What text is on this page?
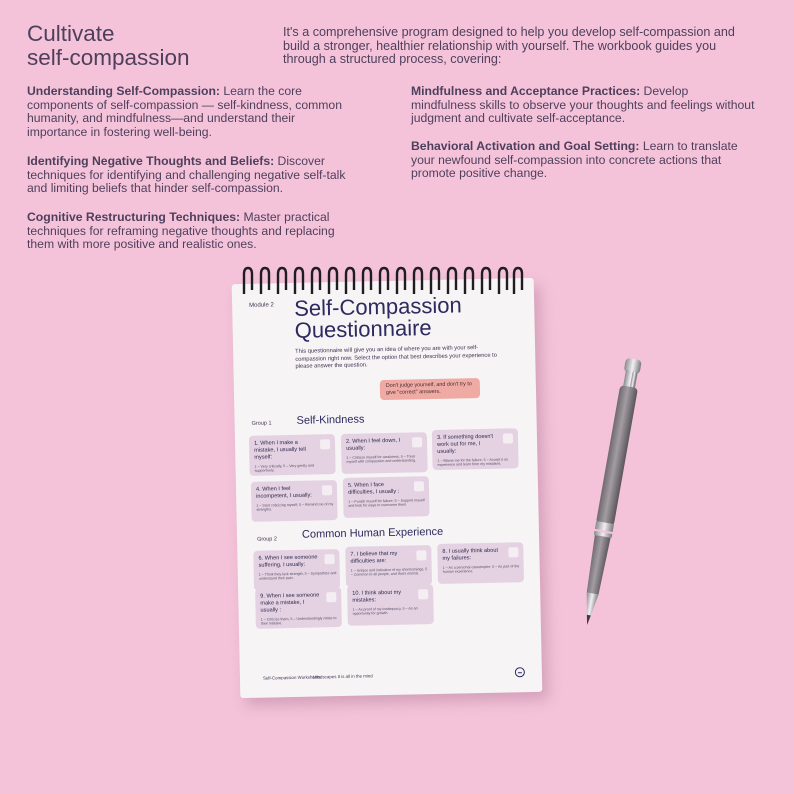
Cultivate
self-compassion
It's a comprehensive program designed to help you develop self-compassion and build a stronger, healthier relationship with yourself. The workbook guides you through a structured process, covering:
Understanding Self-Compassion: Learn the core components of self-compassion — self-kindness, common humanity, and mindfulness—and understand their importance in fostering well-being.
Identifying Negative Thoughts and Beliefs: Discover techniques for identifying and challenging negative self-talk and limiting beliefs that hinder self-compassion.
Cognitive Restructuring Techniques: Master practical techniques for reframing negative thoughts and replacing them with more positive and realistic ones.
Mindfulness and Acceptance Practices: Develop mindfulness skills to observe your thoughts and feelings without judgment and cultivate self-acceptance.
Behavioral Activation and Goal Setting: Learn to translate your newfound self-compassion into concrete actions that promote positive change.
Module 2 Self-Compassion
Questionnaire
This questionnaire will give you an idea of where you are with your self-compassion right now. Select the option that best describes your experience to please answer the question.
Don't judge yourself, and don't try to give "correct" answers.
Group 1 Self-Kindness
1. When I make a mistake, I usually tell myself:
1 – Very critically, 5 – Very gently and supportively.
2. When I feel down, I usually:
1 – Criticize myself for weakness, 5 – Treat myself with compassion and understanding.
3. If something doesn't work out for me, I usually:
1 – Blame me for the failure, 5 – Accept it as experience and learn from my mistakes.
4. When I feel incompetent, I usually:
1 – Start criticizing myself, 5 – Remind me of my strengths.
5. When I face difficulties, I usually :
1 – Punish myself for failure, 5 – Support myself and look for ways to overcome them.
Group 2 Common Human Experience
6. When I see someone suffering, I usually:
1 – Think they lack strength, 5 – Sympathize and understand their pain.
7. I believe that my difficulties are:
1 – Unique and indicative of my shortcomings, 5 – Common to all people, and that's normal.
8. I usually think about my failures:
1 – As a personal catastrophe, 5 – As part of the human experience.
9. When I see someone make a mistake, I usually :
1 – Criticize them, 5 – Understandingly relate to their mistake.
10. I think about my mistakes:
1 – As proof of my inadequacy, 5 – As an opportunity for growth.
Self-Compassion Worksheets
Mindscapes It is all in the mind
